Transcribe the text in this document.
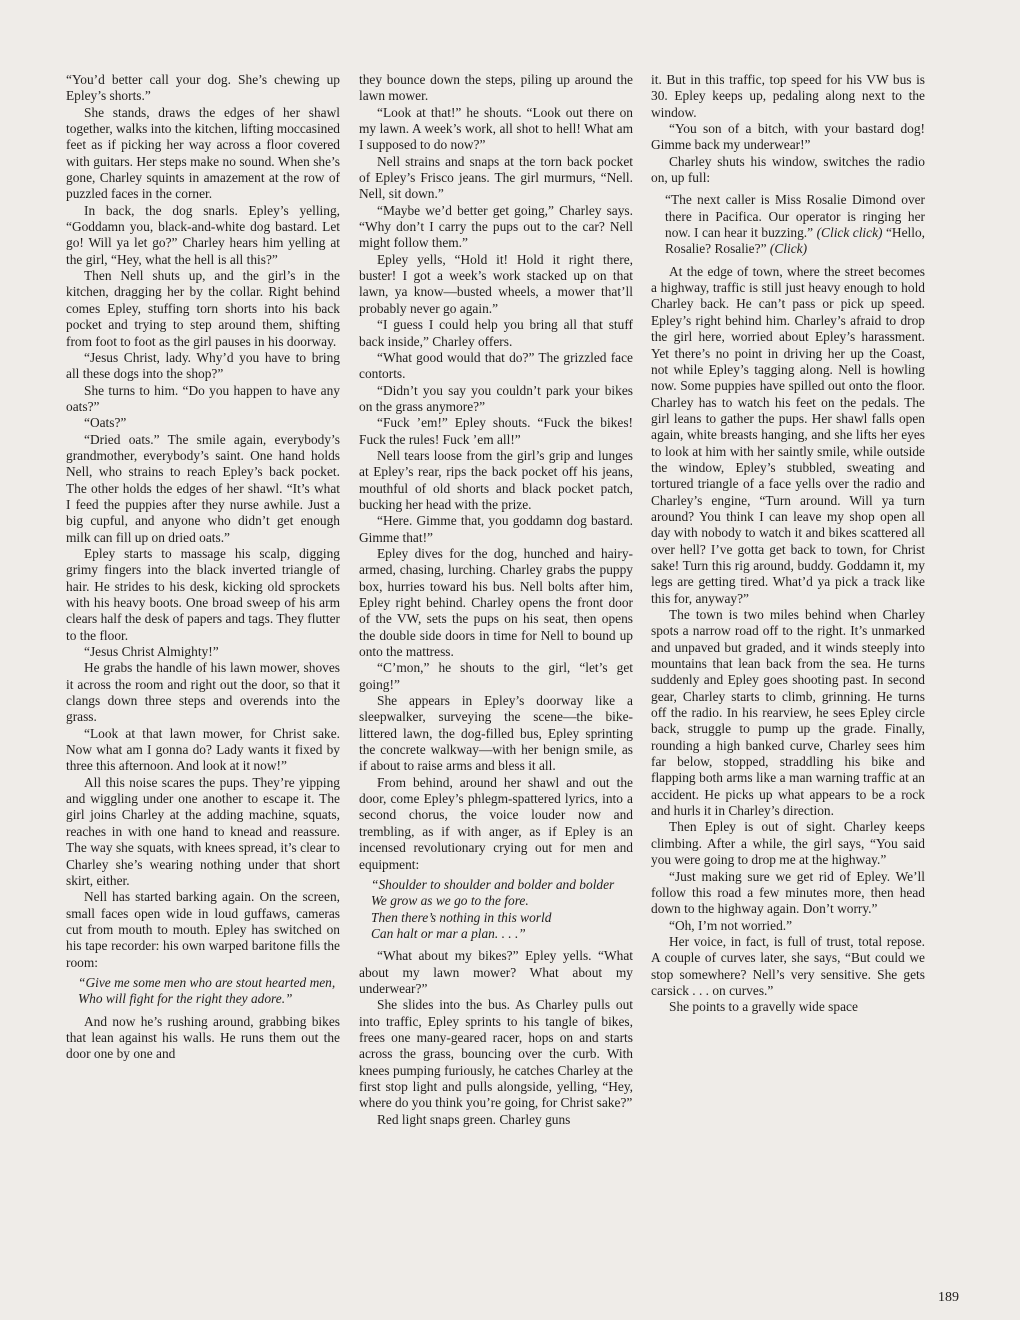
“You’d better call your dog. She’s chewing up Epley’s shorts.”

She stands, draws the edges of her shawl together, walks into the kitchen, lifting moccasined feet as if picking her way across a floor covered with guitars. Her steps make no sound. When she’s gone, Charley squints in amazement at the row of puzzled faces in the corner.

In back, the dog snarls. Epley’s yelling, “Goddamn you, black-and-white dog bastard. Let go! Will ya let go?” Charley hears him yelling at the girl, “Hey, what the hell is all this?”

Then Nell shuts up, and the girl’s in the kitchen, dragging her by the collar. Right behind comes Epley, stuffing torn shorts into his back pocket and trying to step around them, shifting from foot to foot as the girl pauses in his doorway.

“Jesus Christ, lady. Why’d you have to bring all these dogs into the shop?”

She turns to him. “Do you happen to have any oats?”

“Oats?”

“Dried oats.” The smile again, everybody’s grandmother, everybody’s saint. One hand holds Nell, who strains to reach Epley’s back pocket. The other holds the edges of her shawl. “It’s what I feed the puppies after they nurse awhile. Just a big cupful, and anyone who didn’t get enough milk can fill up on dried oats.”

Epley starts to massage his scalp, digging grimy fingers into the black inverted triangle of hair. He strides to his desk, kicking old sprockets with his heavy boots. One broad sweep of his arm clears half the desk of papers and tags. They flutter to the floor.

“Jesus Christ Almighty!”

He grabs the handle of his lawn mower, shoves it across the room and right out the door, so that it clangs down three steps and overends into the grass.

“Look at that lawn mower, for Christ sake. Now what am I gonna do? Lady wants it fixed by three this afternoon. And look at it now!”

All this noise scares the pups. They’re yipping and wiggling under one another to escape it. The girl joins Charley at the adding machine, squats, reaches in with one hand to knead and reassure. The way she squats, with knees spread, it’s clear to Charley she’s wearing nothing under that short skirt, either.

Nell has started barking again. On the screen, small faces open wide in loud guffaws, cameras cut from mouth to mouth. Epley has switched on his tape recorder: his own warped baritone fills the room:

“Give me some men who are stout hearted men,
Who will fight for the right they adore.”

And now he’s rushing around, grabbing bikes that lean against his walls. He runs them out the door one by one and

they bounce down the steps, piling up around the lawn mower.

“Look at that!” he shouts. “Look out there on my lawn. A week’s work, all shot to hell! What am I supposed to do now?”

Nell strains and snaps at the torn back pocket of Epley’s Frisco jeans. The girl murmurs, “Nell. Nell, sit down.”

“Maybe we’d better get going,” Charley says. “Why don’t I carry the pups out to the car? Nell might follow them.”

Epley yells, “Hold it! Hold it right there, buster! I got a week’s work stacked up on that lawn, ya know—busted wheels, a mower that’ll probably never go again.”

“I guess I could help you bring all that stuff back inside,” Charley offers.

“What good would that do?” The grizzled face contorts.

“Didn’t you say you couldn’t park your bikes on the grass anymore?”

“Fuck ’em!” Epley shouts. “Fuck the bikes! Fuck the rules! Fuck ’em all!”

Nell tears loose from the girl’s grip and lunges at Epley’s rear, rips the back pocket off his jeans, mouthful of old shorts and black pocket patch, bucking her head with the prize.

“Here. Gimme that, you goddamn dog bastard. Gimme that!”

Epley dives for the dog, hunched and hairy-armed, chasing, lurching. Charley grabs the puppy box, hurries toward his bus. Nell bolts after him, Epley right behind. Charley opens the front door of the VW, sets the pups on his seat, then opens the double side doors in time for Nell to bound up onto the mattress.

“C’mon,” he shouts to the girl, “let’s get going!”

She appears in Epley’s doorway like a sleepwalker, surveying the scene—the bike-littered lawn, the dog-filled bus, Epley sprinting the concrete walkway—with her benign smile, as if about to raise arms and bless it all.

From behind, around her shawl and out the door, come Epley’s phlegm-spattered lyrics, into a second chorus, the voice louder now and trembling, as if with anger, as if Epley is an incensed revolutionary crying out for men and equipment:

“Shoulder to shoulder and bolder and bolder
We grow as we go to the fore.
Then there’s nothing in this world
Can halt or mar a plan. . . .”

“What about my bikes?” Epley yells. “What about my lawn mower? What about my underwear?”

She slides into the bus. As Charley pulls out into traffic, Epley sprints to his tangle of bikes, frees one many-geared racer, hops on and starts across the grass, bouncing over the curb. With knees pumping furiously, he catches Charley at the first stop light and pulls alongside, yelling, “Hey, where do you think you’re going, for Christ sake?”

Red light snaps green. Charley guns

it. But in this traffic, top speed for his VW bus is 30. Epley keeps up, pedaling along next to the window.

“You son of a bitch, with your bastard dog! Gimme back my underwear!”

Charley shuts his window, switches the radio on, up full:

“The next caller is Miss Rosalie Dimond over there in Pacifica. Our operator is ringing her now. I can hear it buzzing.” (Click click) “Hello, Rosalie? Rosalie?” (Click)

At the edge of town, where the street becomes a highway, traffic is still just heavy enough to hold Charley back. He can’t pass or pick up speed. Epley’s right behind him. Charley’s afraid to drop the girl here, worried about Epley’s harassment. Yet there’s no point in driving her up the Coast, not while Epley’s tagging along. Nell is howling now. Some puppies have spilled out onto the floor. Charley has to watch his feet on the pedals. The girl leans to gather the pups. Her shawl falls open again, white breasts hanging, and she lifts her eyes to look at him with her saintly smile, while outside the window, Epley’s stubbled, sweating and tortured triangle of a face yells over the radio and Charley’s engine, “Turn around. Will ya turn around? You think I can leave my shop open all day with nobody to watch it and bikes scattered all over hell? I’ve gotta get back to town, for Christ sake! Turn this rig around, buddy. Goddamn it, my legs are getting tired. What’d ya pick a track like this for, anyway?”

The town is two miles behind when Charley spots a narrow road off to the right. It’s unmarked and unpaved but graded, and it winds steeply into mountains that lean back from the sea. He turns suddenly and Epley goes shooting past. In second gear, Charley starts to climb, grinning. He turns off the radio. In his rearview, he sees Epley circle back, struggle to pump up the grade. Finally, rounding a high banked curve, Charley sees him far below, stopped, straddling his bike and flapping both arms like a man warning traffic at an accident. He picks up what appears to be a rock and hurls it in Charley’s direction.

Then Epley is out of sight. Charley keeps climbing. After a while, the girl says, “You said you were going to drop me at the highway.”

“Just making sure we get rid of Epley. We’ll follow this road a few minutes more, then head down to the highway again. Don’t worry.”

“Oh, I’m not worried.”

Her voice, in fact, is full of trust, total repose. A couple of curves later, she says, “But could we stop somewhere? Nell’s very sensitive. She gets carsick . . . on curves.”

She points to a gravelly wide space

189
